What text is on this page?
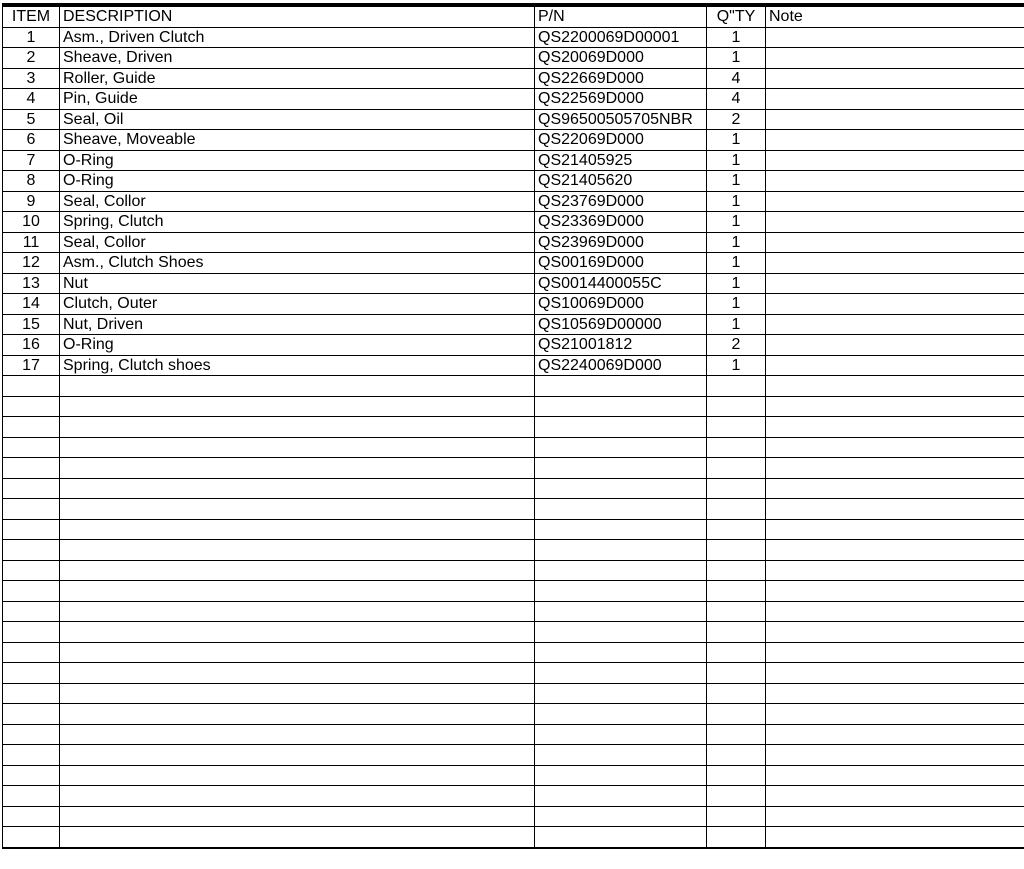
ITEM	DESCRIPTION	P/N	Q"TY	Note
1	Asm., Driven Clutch	QS2200069D00001	1	
2	Sheave, Driven	QS20069D000	1	
3	Roller, Guide	QS22669D000	4	
4	Pin, Guide	QS22569D000	4	
5	Seal, Oil	QS96500505705NBR	2	
6	Sheave, Moveable	QS22069D000	1	
7	O-Ring	QS21405925	1	
8	O-Ring	QS21405620	1	
9	Seal, Collor	QS23769D000	1	
10	Spring, Clutch	QS23369D000	1	
11	Seal, Collor	QS23969D000	1	
12	Asm., Clutch Shoes	QS00169D000	1	
13	Nut	QS0014400055C	1	
14	Clutch, Outer	QS10069D000	1	
15	Nut, Driven	QS10569D00000	1	
16	O-Ring	QS21001812	2	
17	Spring, Clutch shoes	QS2240069D000	1	
